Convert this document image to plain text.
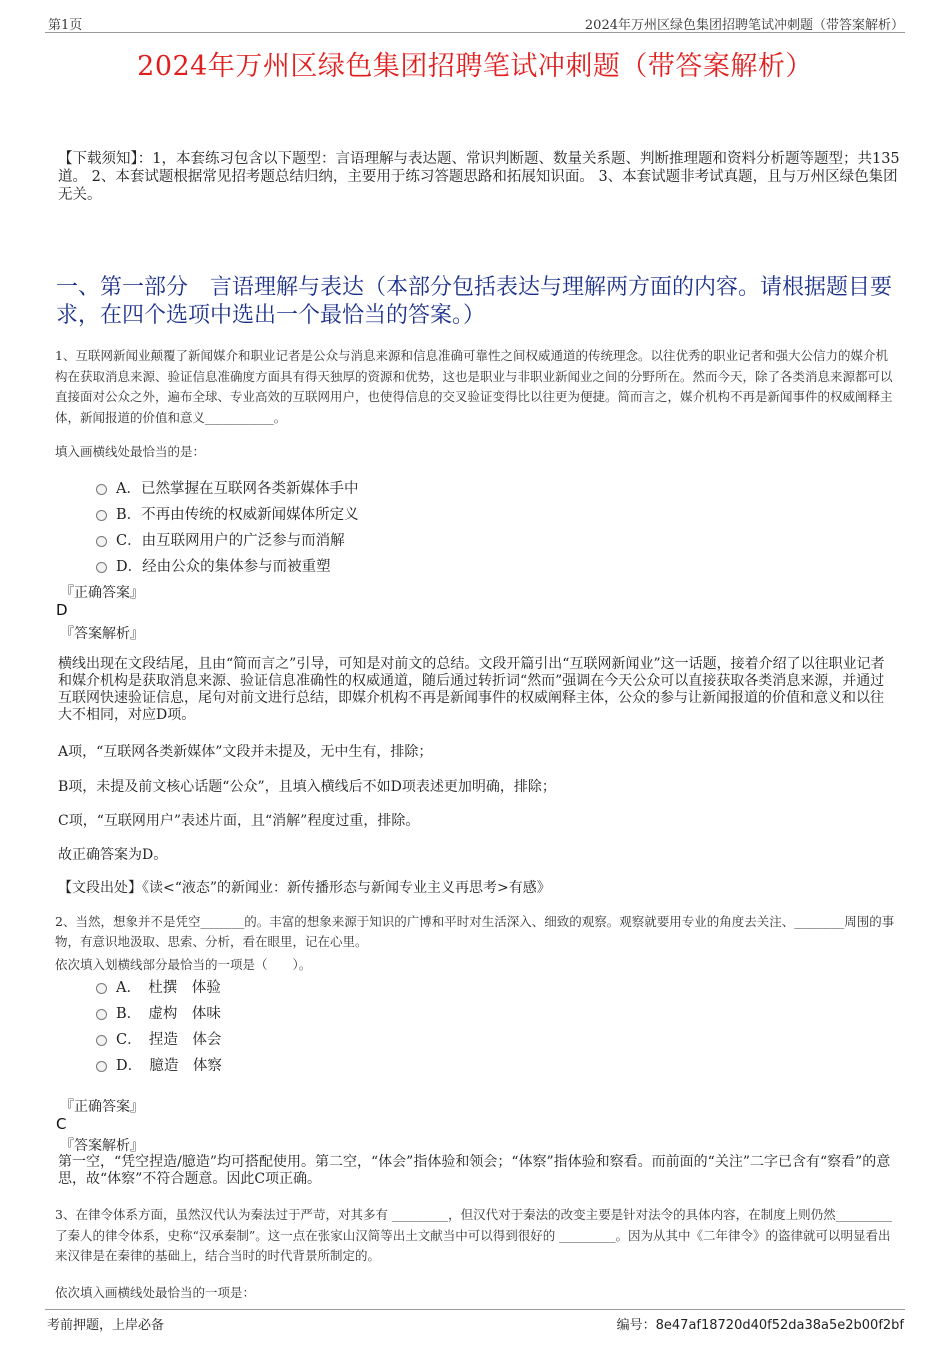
第1页	2024年万州区绿色集团招聘笔试冲刺题（带答案解析）
2024年万州区绿色集团招聘笔试冲刺题（带答案解析）
【下载须知】：1，本套练习包含以下题型：言语理解与表达题、常识判断题、数量关系题、判断推理题和资料分析题等题型；共135道。 2、本套试题根据常见招考题总结归纳，主要用于练习答题思路和拓展知识面。 3、本套试题非考试真题，且与万州区绿色集团无关。
一、第一部分　言语理解与表达（本部分包括表达与理解两方面的内容。请根据题目要求，在四个选项中选出一个最恰当的答案。）
1、互联网新闻业颠覆了新闻媒介和职业记者是公众与消息来源和信息准确可靠性之间权威通道的传统理念。以往优秀的职业记者和强大公信力的媒介机构在获取消息来源、验证信息准确度方面具有得天独厚的资源和优势，这也是职业与非职业新闻业之间的分野所在。然而今天，除了各类消息来源都可以直接面对公众之外，遍布全球、专业高效的互联网用户，也使得信息的交叉验证变得比以往更为便捷。简而言之，媒介机构不再是新闻事件的权威阐释主体，新闻报道的价值和意义___________。
填入画横线处最恰当的是：
A．已然掌握在互联网各类新媒体手中
B．不再由传统的权威新闻媒体所定义
C．由互联网用户的广泛参与而消解
D．经由公众的集体参与而被重塑
『正确答案』
D
『答案解析』
横线出现在文段结尾，且由“简而言之”引导，可知是对前文的总结。文段开篇引出“互联网新闻业”这一话题，接着介绍了以往职业记者和媒介机构是获取消息来源、验证信息准确性的权威通道，随后通过转折词“然而”强调在今天公众可以直接获取各类消息来源，并通过互联网快速验证信息，尾句对前文进行总结，即媒介机构不再是新闻事件的权威阐释主体，公众的参与让新闻报道的价值和意义和以往大不相同，对应D项。
A项，“互联网各类新媒体”文段并未提及，无中生有，排除；
B项，未提及前文核心话题“公众”，且填入横线后不如D项表述更加明确，排除；
C项，“互联网用户”表述片面，且“消解”程度过重，排除。
故正确答案为D。
【文段出处】《读<“液态”的新闻业：新传播形态与新闻专业主义再思考>有感》
2、当然，想象并不是凭空_______的。丰富的想象来源于知识的广博和平时对生活深入、细致的观察。观察就要用专业的角度去关注、________周围的事物，有意识地汲取、思索、分析，看在眼里，记在心里。
依次填入划横线部分最恰当的一项是（　　）。
A．　杜撰　体验
B．　虚构　体味
C．　捏造　体会
D．　臆造　体察
『正确答案』
C
『答案解析』
第一空，“凭空捏造/臆造”均可搭配使用。第二空，“体会”指体验和领会；“体察”指体验和察看。而前面的“关注”二字已含有“察看”的意思，故“体察”不符合题意。因此C项正确。
3、在律令体系方面，虽然汉代认为秦法过于严苛，对其多有 _________，但汉代对于秦法的改变主要是针对法令的具体内容，在制度上则仍然_________了秦人的律令体系，史称“汉承秦制”。这一点在张家山汉简等出土文献当中可以得到很好的 _________。因为从其中《二年律令》的盗律就可以明显看出来汉律是在秦律的基础上，结合当时的时代背景所制定的。
依次填入画横线处最恰当的一项是：
考前押题，上岸必备	编号：8e47af18720d40f52da38a5e2b00f2bf
